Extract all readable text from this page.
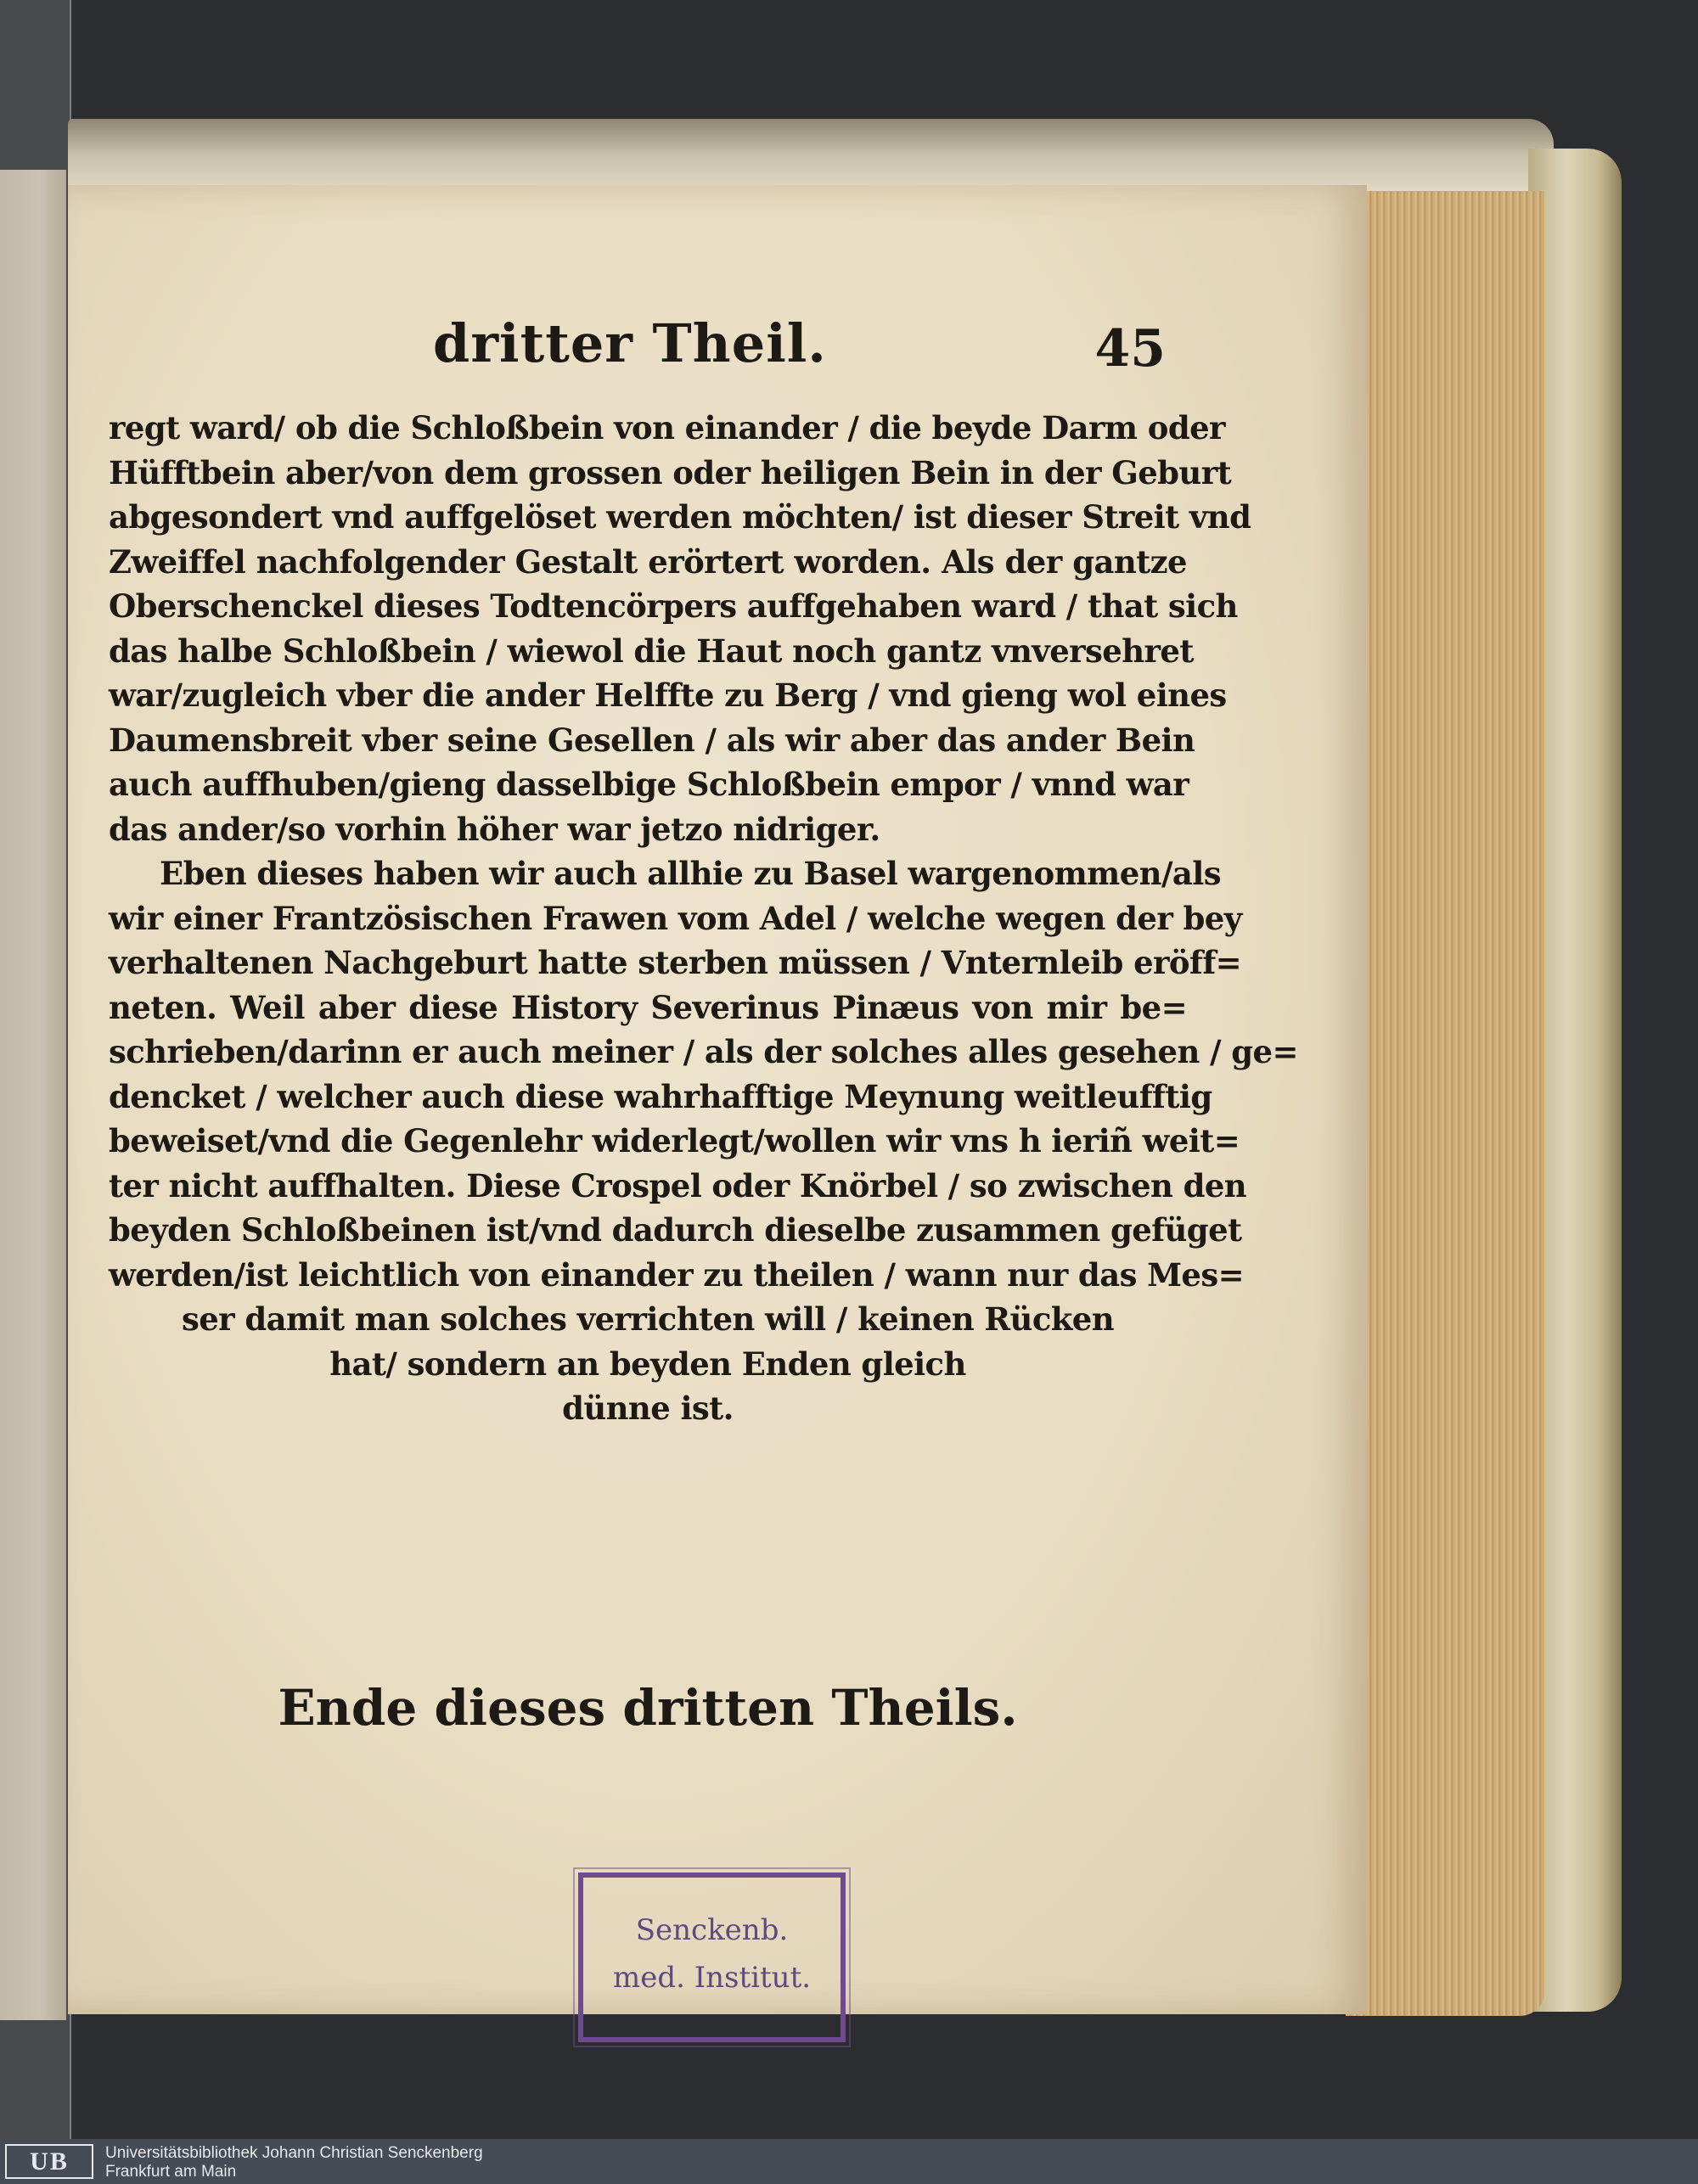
dritter Theil.	45
regt ward/ ob die Schloßbein von einander / die beyde Darm oder
Hüfftbein aber/von dem grossen oder heiligen Bein in der Geburt
abgesondert vnd auffgelöset werden möchten/ ist dieser Streit vnd
Zweiffel nachfolgender Gestalt erörtert worden. Als der gantze
Oberschenckel dieses Todtencörpers auffgehaben ward / that sich
das halbe Schloßbein / wiewol die Haut noch gantz vnversehret
war/zugleich vber die ander Helffte zu Berg / vnd gieng wol eines
Daumensbreit vber seine Gesellen / als wir aber das ander Bein
auch auffhuben/gieng dasselbige Schloßbein empor / vnnd war
das ander/so vorhin höher war jetzo nidriger.
Eben dieses haben wir auch allhie zu Basel wargenommen/als
wir einer Frantzösischen Frawen vom Adel / welche wegen der bey
verhaltenen Nachgeburt hatte sterben müssen / Vnternleib eröff=
neten. Weil aber diese History Severinus Pinæus von mir be=
schrieben/darinn er auch meiner / als der solches alles gesehen / ge=
dencket / welcher auch diese wahrhafftige Meynung weitleufftig
beweiset/vnd die Gegenlehr widerlegt/wollen wir vns h ieriñ weit=
ter nicht auffhalten. Diese Crospel oder Knörbel / so zwischen den
beyden Schloßbeinen ist/vnd dadurch dieselbe zusammen gefüget
werden/ist leichtlich von einander zu theilen / wann nur das Mes=
ser damit man solches verrichten will / keinen Rücken
hat/ sondern an beyden Enden gleich
dünne ist.
Ende dieses dritten Theils.
Senckenb.
med. Institut.
UB	Universitätsbibliothek Johann Christian Senckenberg
Frankfurt am Main
